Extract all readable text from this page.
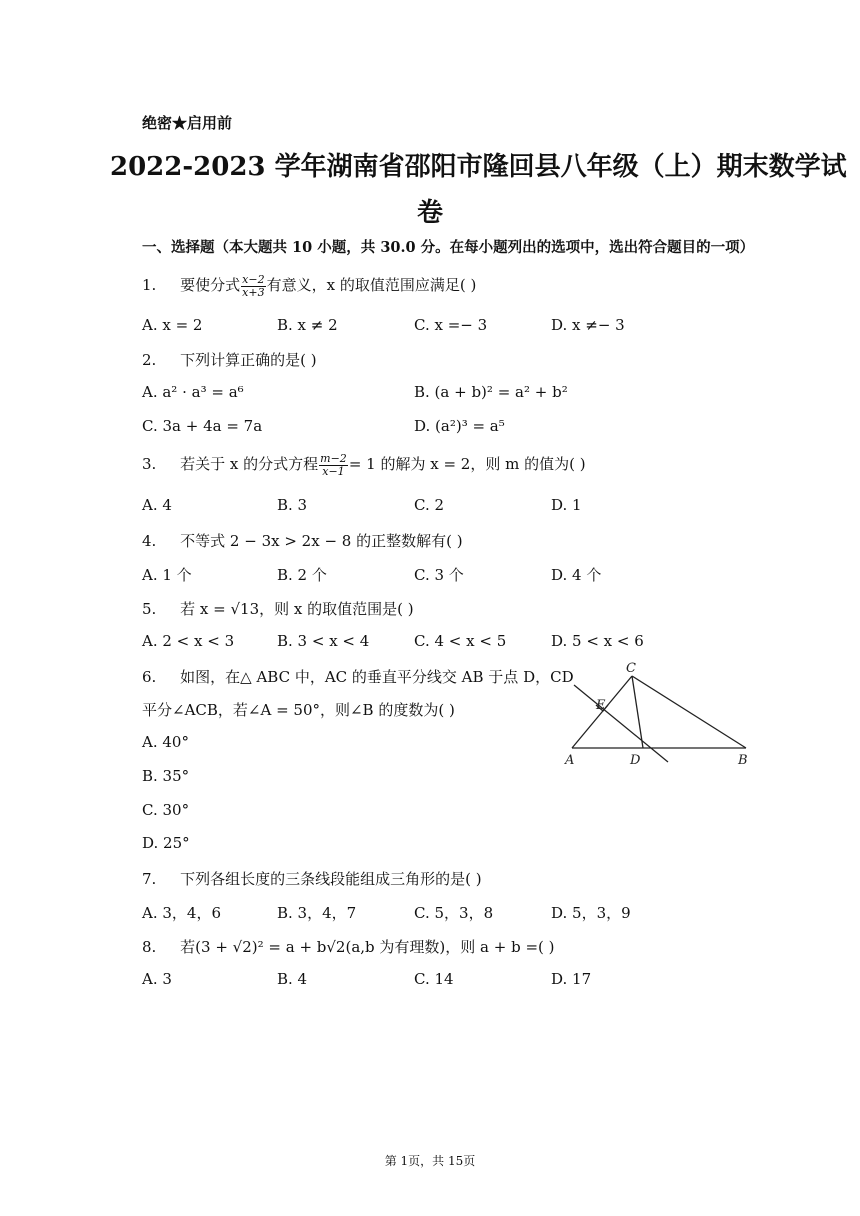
绝密★启用前
2022-2023 学年湖南省邵阳市隆回县八年级（上）期末数学试
卷
一、选择题（本大题共 10 小题，共 30.0 分。在每小题列出的选项中，选出符合题目的一项）
1. 要使分式 $\frac{x-2}{x+3}$ 有意义，x 的取值范围应满足( )
A. x = 2	B. x ≠ 2	C. x =− 3	D. x ≠− 3
2. 下列计算正确的是( )
A. a² · a³ = a⁶	B. (a + b)² = a² + b²
C. 3a + 4a = 7a	D. (a²)³ = a⁵
3. 若关于 x 的分式方程 $\frac{m-2}{x-1} = 1$ 的解为 x = 2，则 m 的值为( )
A. 4	B. 3	C. 2	D. 1
4. 不等式 2 − 3x > 2x − 8 的正整数解有( )
A. 1 个	B. 2 个	C. 3 个	D. 4 个
5. 若 x = √13，则 x 的取值范围是( )
A. 2 < x < 3	B. 3 < x < 4	C. 4 < x < 5	D. 5 < x < 6
6. 如图，在△ ABC 中，AC 的垂直平分线交 AB 于点 D，CD
平分∠ACB，若∠A = 50°，则∠B 的度数为( )
A. 40°
B. 35°
C. 30°
D. 25°
C
E
A	D	B
7. 下列各组长度的三条线段能组成三角形的是( )
A. 3，4，6	B. 3，4，7	C. 5，3，8	D. 5，3，9
8. 若(3 + √2)² = a + b√2(a,b 为有理数)，则 a + b =( )
A. 3	B. 4	C. 14	D. 17
第 1页，共 15页
